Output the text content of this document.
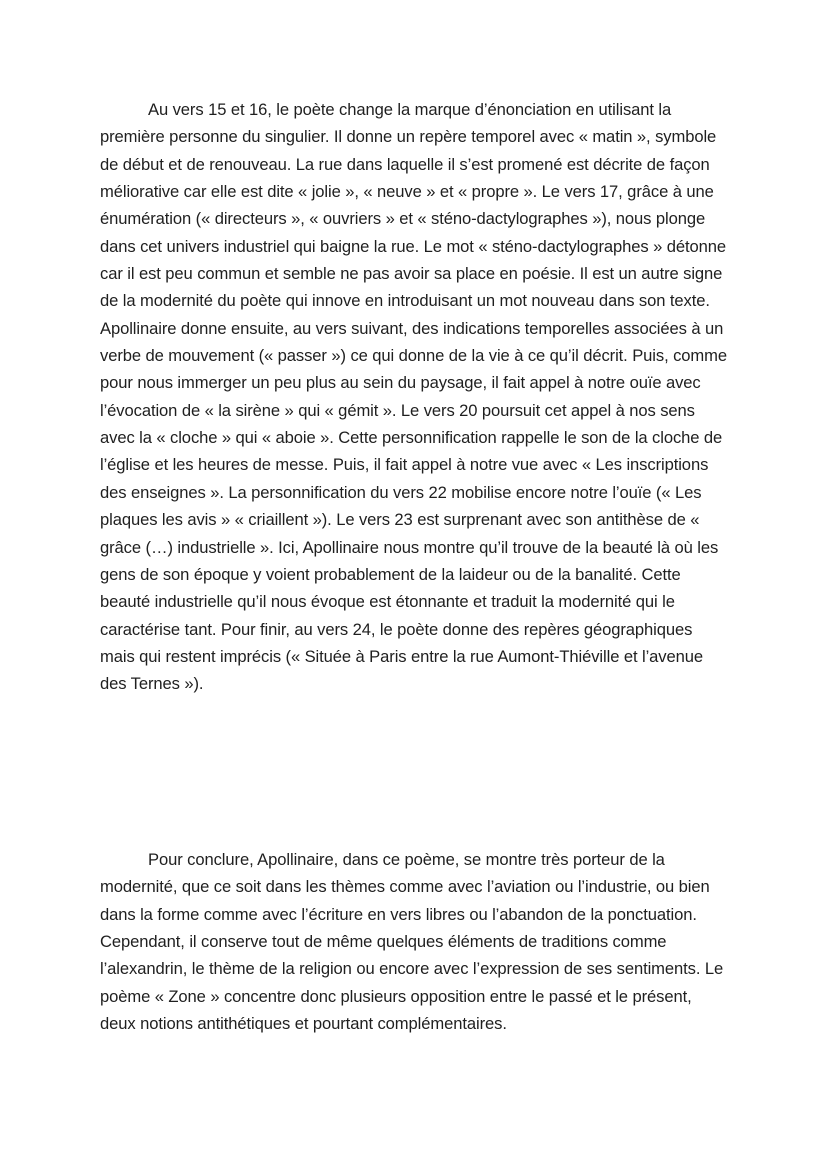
Au vers 15 et 16, le poète change la marque d’énonciation en utilisant la première personne du singulier. Il donne un repère temporel avec « matin », symbole de début et de renouveau. La rue dans laquelle il s’est promené est décrite de façon méliorative car elle est dite « jolie », « neuve » et « propre ». Le vers 17, grâce à une énumération (« directeurs », « ouvriers » et « sténo-dactylographes »), nous plonge dans cet univers industriel qui baigne la rue. Le mot « sténo-dactylographes » détonne car il est peu commun et semble ne pas avoir sa place en poésie. Il est un autre signe de la modernité du poète qui innove en introduisant un mot nouveau dans son texte. Apollinaire donne ensuite, au vers suivant, des indications temporelles associées à un verbe de mouvement (« passer ») ce qui donne de la vie à ce qu’il décrit. Puis, comme pour nous immerger un peu plus au sein du paysage, il fait appel à notre ouïe avec l’évocation de « la sirène » qui « gémit ». Le vers 20 poursuit cet appel à nos sens avec la « cloche » qui « aboie ». Cette personnification rappelle le son de la cloche de l’église et les heures de messe. Puis, il fait appel à notre vue avec « Les inscriptions des enseignes ». La personnification du vers 22 mobilise encore notre l’ouïe (« Les plaques les avis » « criaillent »). Le vers 23 est surprenant avec son antithèse de « grâce (…) industrielle ». Ici, Apollinaire nous montre qu’il trouve de la beauté là où les gens de son époque y voient probablement de la laideur ou de la banalité. Cette beauté industrielle qu’il nous évoque est étonnante et traduit la modernité qui le caractérise tant. Pour finir, au vers 24, le poète donne des repères géographiques mais qui restent imprécis (« Située à Paris entre la rue Aumont-Thiéville et l’avenue des Ternes »).

Pour conclure, Apollinaire, dans ce poème, se montre très porteur de la modernité, que ce soit dans les thèmes comme avec l’aviation ou l’industrie, ou bien dans la forme comme avec l’écriture en vers libres ou l’abandon de la ponctuation. Cependant, il conserve tout de même quelques éléments de traditions comme l’alexandrin, le thème de la religion ou encore avec l’expression de ses sentiments. Le poème « Zone » concentre donc plusieurs opposition entre le passé et le présent, deux notions antithétiques et pourtant complémentaires.
